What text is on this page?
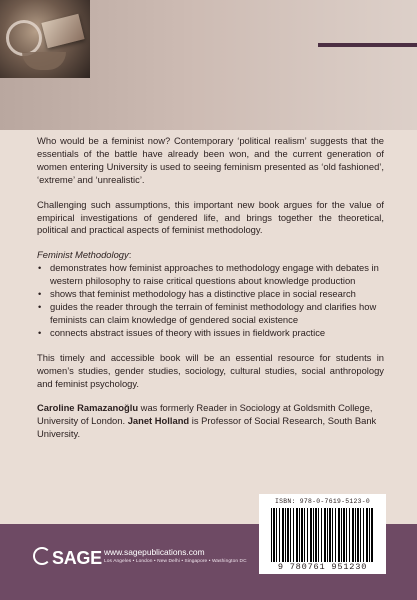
Who would be a feminist now? Contemporary ‘political realism’ suggests that the essentials of the battle have already been won, and the current generation of women entering University is used to seeing feminism presented as ‘old fashioned’, ‘extreme’ and ‘unrealistic’.

Challenging such assumptions, this important new book argues for the value of empirical investigations of gendered life, and brings together the theoretical, political and practical aspects of feminist methodology.

Feminist Methodology:

• demonstrates how feminist approaches to methodology engage with debates in western philosophy to raise critical questions about knowledge production
• shows that feminist methodology has a distinctive place in social research
• guides the reader through the terrain of feminist methodology and clarifies how feminists can claim knowledge of gendered social existence
• connects abstract issues of theory with issues in fieldwork practice

This timely and accessible book will be an essential resource for students in women’s studies, gender studies, sociology, cultural studies, social anthropology and feminist psychology.

Caroline Ramazanoğlu was formerly Reader in Sociology at Goldsmith College, University of London. Janet Holland is Professor of Social Research, South Bank University.

SAGE www.sagepublications.com
Los Angeles • London • New Delhi • Singapore • Washington DC
ISBN: 978-0-7619-5123-0
9 780761 951230
